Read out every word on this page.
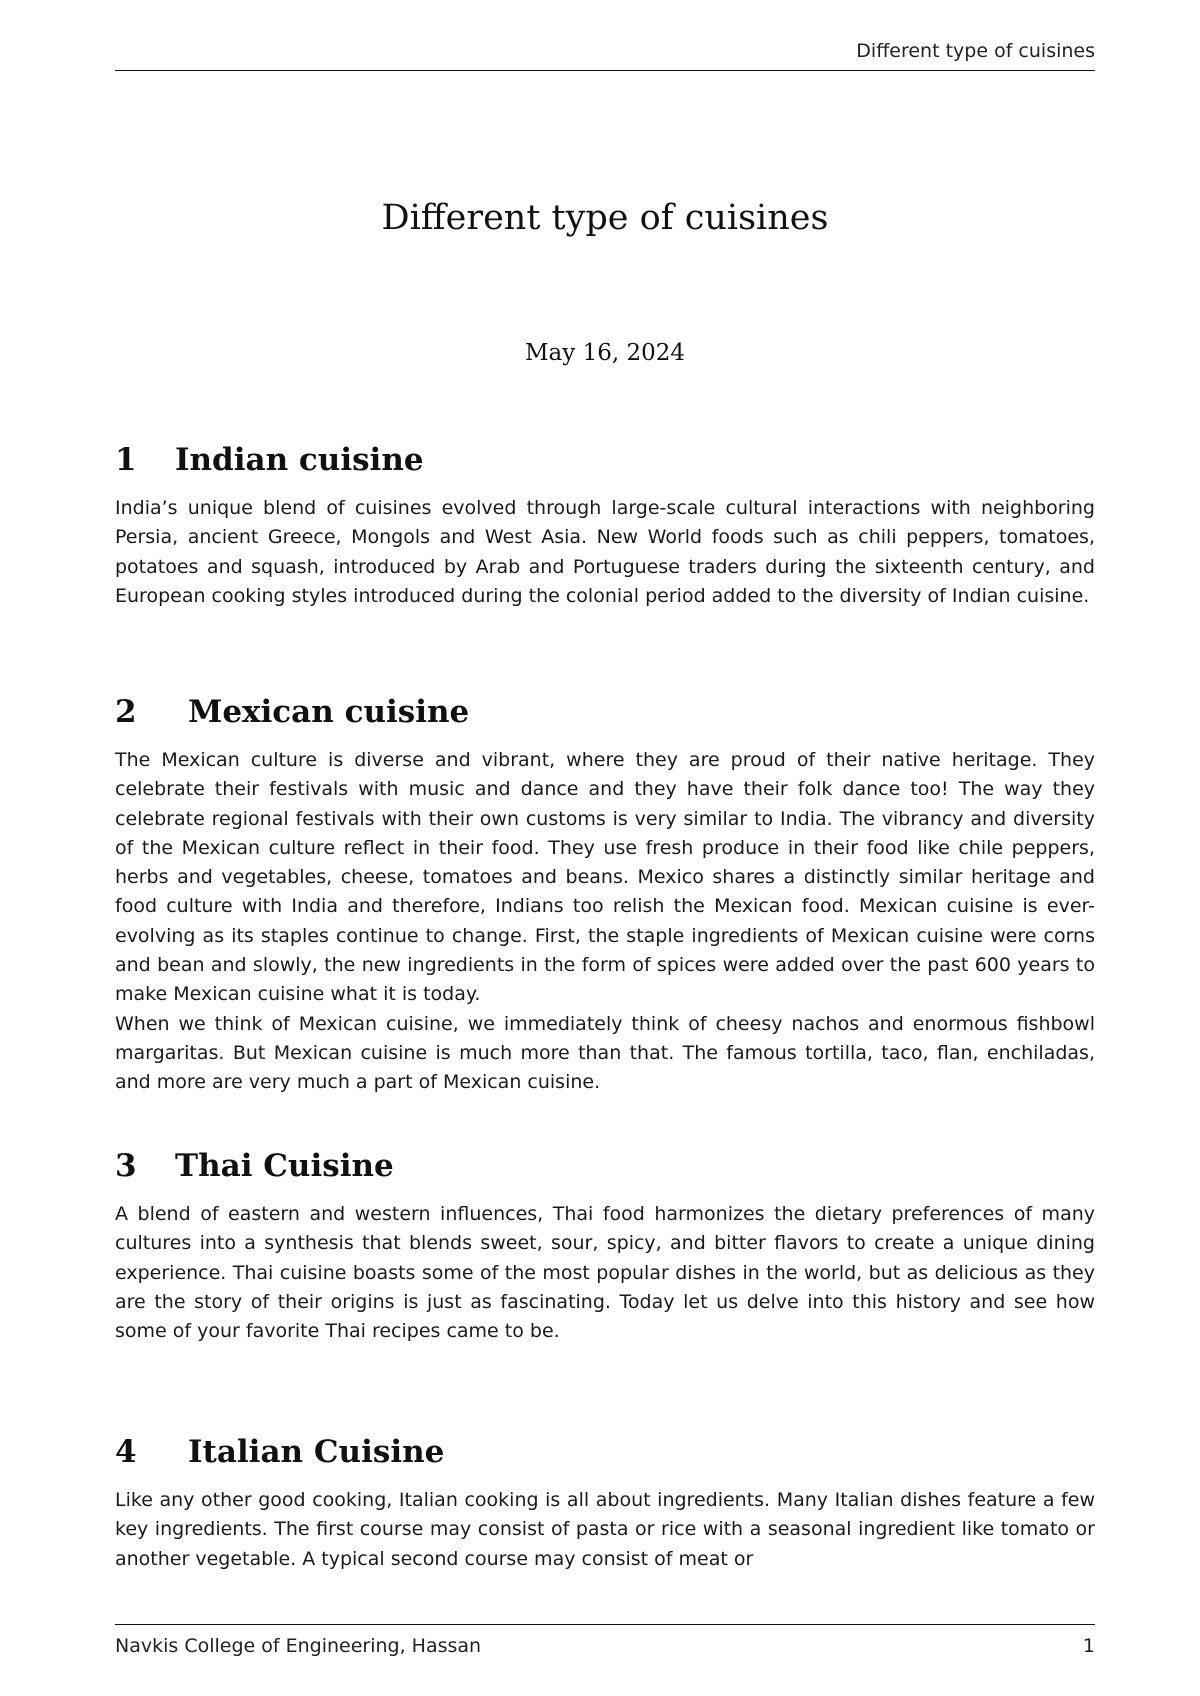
Different type of cuisines
Different type of cuisines
May 16, 2024
1 Indian cuisine

India’s unique blend of cuisines evolved through large-scale cultural interactions with neighboring Persia, ancient Greece, Mongols and West Asia. New World foods such as chili peppers, tomatoes, potatoes and squash, introduced by Arab and Portuguese traders during the sixteenth century, and European cooking styles introduced during the colonial period added to the diversity of Indian cuisine.

2 Mexican cuisine

The Mexican culture is diverse and vibrant, where they are proud of their native heritage. They celebrate their festivals with music and dance and they have their folk dance too! The way they celebrate regional festivals with their own customs is very similar to India. The vibrancy and diversity of the Mexican culture reflect in their food. They use fresh produce in their food like chile peppers, herbs and vegetables, cheese, tomatoes and beans. Mexico shares a distinctly similar heritage and food culture with India and therefore, Indians too relish the Mexican food. Mexican cuisine is ever-evolving as its staples continue to change. First, the staple ingredients of Mexican cuisine were corns and bean and slowly, the new ingredients in the form of spices were added over the past 600 years to make Mexican cuisine what it is today.

When we think of Mexican cuisine, we immediately think of cheesy nachos and enormous fishbowl margaritas. But Mexican cuisine is much more than that. The famous tortilla, taco, flan, enchiladas, and more are very much a part of Mexican cuisine.

3 Thai Cuisine

A blend of eastern and western influences, Thai food harmonizes the dietary preferences of many cultures into a synthesis that blends sweet, sour, spicy, and bitter flavors to create a unique dining experience. Thai cuisine boasts some of the most popular dishes in the world, but as delicious as they are the story of their origins is just as fascinating. Today let us delve into this history and see how some of your favorite Thai recipes came to be.

4 Italian Cuisine

Like any other good cooking, Italian cooking is all about ingredients. Many Italian dishes feature a few key ingredients. The first course may consist of pasta or rice with a seasonal ingredient like tomato or another vegetable. A typical second course may consist of meat or

Navkis College of Engineering, Hassan	1
